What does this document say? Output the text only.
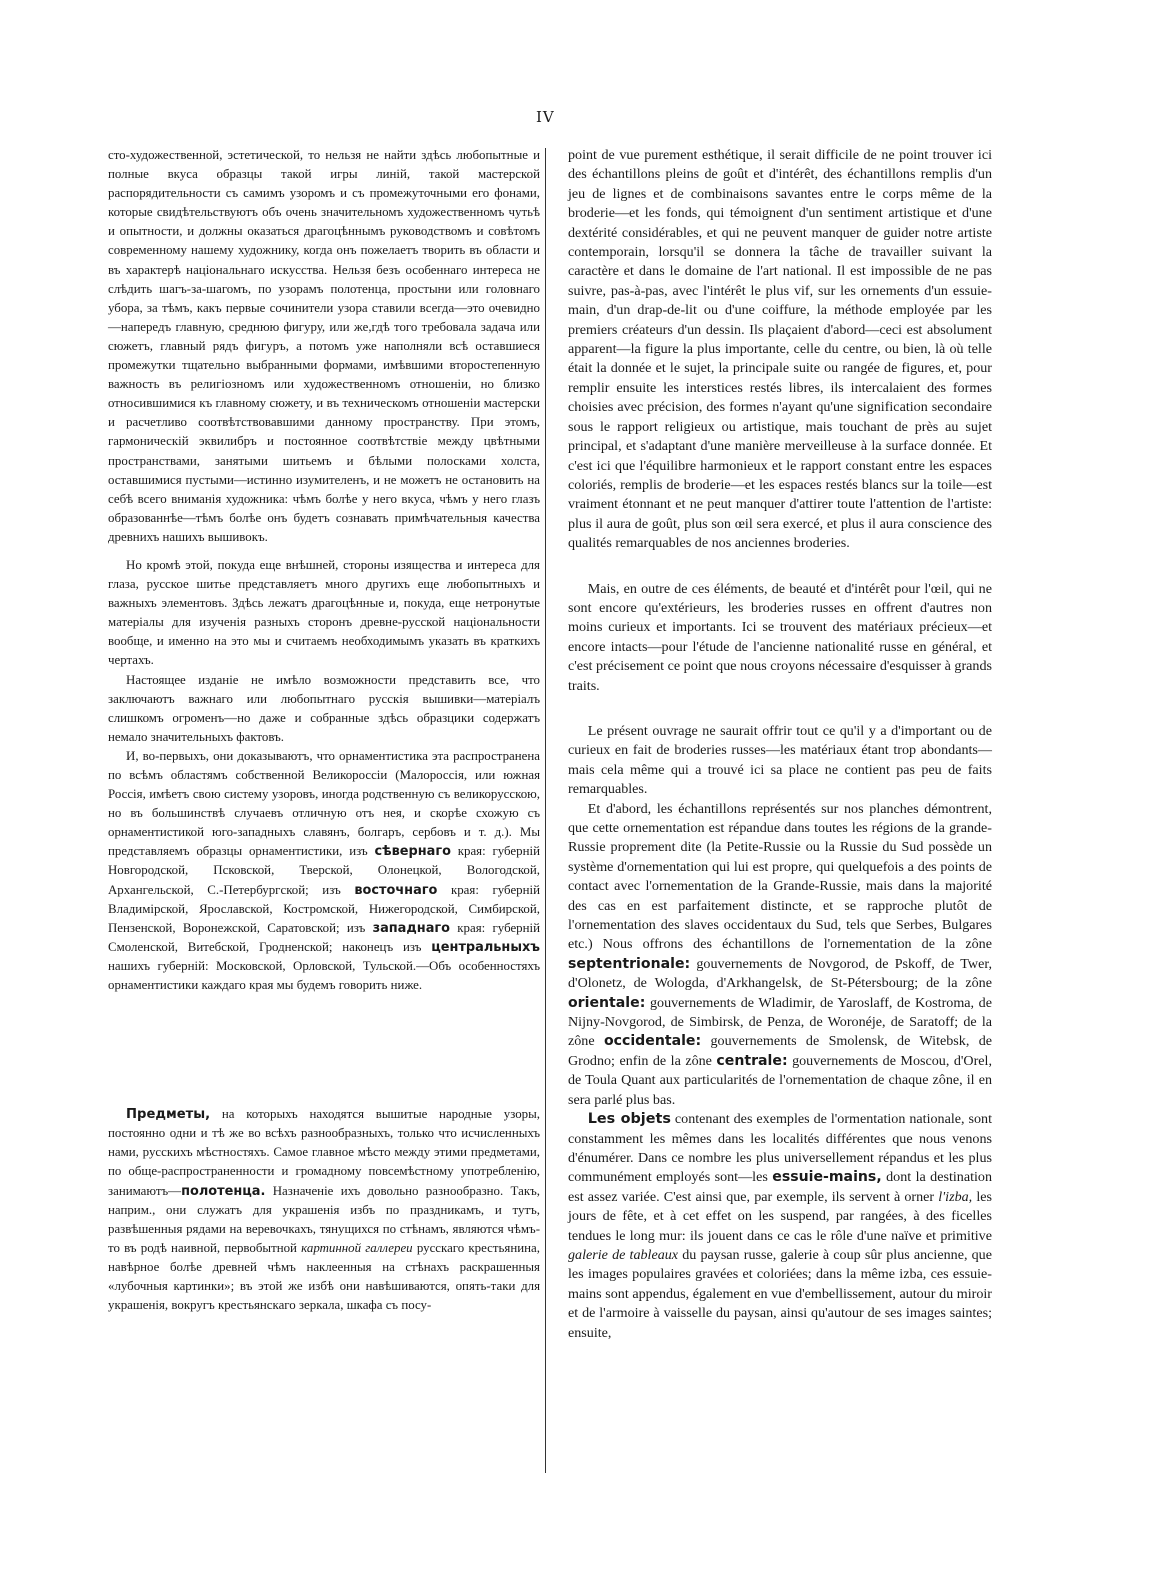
IV

сто-художественной, эстетической, то нельзя не найти здѣсь любопытные и полные вкуса образцы такой игры линій, такой мастерской распорядительности съ самимъ узоромъ и съ промежуточными его фонами, которые свидѣтельствуютъ объ очень значительномъ художественномъ чутьѣ и опытности, и должны оказаться драгоцѣннымъ руководствомъ и совѣтомъ современному нашему художнику, когда онъ пожелаетъ творить въ области и въ характерѣ національнаго искусства. Нельзя безъ особеннаго интереса не слѣдить шагъ-за-шагомъ, по узорамъ полотенца, простыни или головнаго убора, за тѣмъ, какъ первые сочинители узора ставили всегда—это очевидно—напередъ главную, среднюю фигуру, или же,гдѣ того требовала задача или сюжетъ, главный рядъ фигуръ, а потомъ уже наполняли всѣ оставшиеся промежутки тщательно выбранными формами, имѣвшими второстепенную важность въ религіозномъ или художественномъ отношеніи, но близко относившимися къ главному сюжету, и въ техническомъ отношеніи мастерски и расчетливо соотвѣтствовавшими данному пространству. При этомъ, гармоническій эквилибръ и постоянное соотвѣтствіе между цвѣтными пространствами, занятыми шитьемъ и бѣлыми полосками холста, оставшимися пустыми—истинно изумителенъ, и не можетъ не остановить на себѣ всего вниманія художника: чѣмъ болѣе у него вкуса, чѣмъ у него глазъ образованнѣе—тѣмъ болѣе онъ будетъ сознавать примѣчательныя качества древнихъ нашихъ вышивокъ.

Но кромѣ этой, покуда еще внѣшней, стороны изящества и интереса для глаза, русское шитье представляетъ много другихъ еще любопытныхъ и важныхъ элементовъ. Здѣсь лежатъ драгоцѣнные и, покуда, еще нетронутые матеріалы для изученія разныхъ сторонъ древне-русской національности вообще, и именно на это мы и считаемъ необходимымъ указать въ краткихъ чертахъ.

Настоящее изданіе не имѣло возможности представить все, что заключаютъ важнаго или любопытнаго русскія вышивки—матеріалъ слишкомъ огроменъ—но даже и собранные здѣсь образцики содержатъ немало значительныхъ фактовъ.

И, во-первыхъ, они доказываютъ, что орнаментистика эта распространена по всѣмъ областямъ собственной Великороссіи (Малороссія, или южная Россія, имѣетъ свою систему узоровъ, иногда родственную съ великорусскою, но въ большинствѣ случаевъ отличную отъ нея, и скорѣе схожую съ орнаментистикой юго-западныхъ славянъ, болгаръ, сербовъ и т. д.). Мы представляемъ образцы орнаментистики, изъ сѣвернаго края: губерній Новгородской, Псковской, Тверской, Олонецкой, Вологодской, Архангельской, С.-Петербургской; изъ восточнаго края: губерній Владимірской, Ярославской, Костромской, Нижегородской, Симбирской, Пензенской, Воронежской, Саратовской; изъ западнаго края: губерній Смоленской, Витебской, Гродненской; наконецъ изъ центральныхъ нашихъ губерній: Московской, Орловской, Тульской.—Объ особенностяхъ орнаментистики каждаго края мы будемъ говорить ниже.

Предметы, на которыхъ находятся вышитые народные узоры, постоянно одни и тѣ же во всѣхъ разнообразныхъ, только что исчисленныхъ нами, русскихъ мѣстностяхъ. Самое главное мѣсто между этими предметами, по обще-распространенности и громадному повсемѣстному употребленію, занимаютъ—полотенца. Назначеніе ихъ довольно разнообразно. Такъ, наприм., они служатъ для украшенія избъ по праздникамъ, и тутъ, развѣшенныя рядами на веревочкахъ, тянущихся по стѣнамъ, являются чѣмъ-то въ родѣ наивной, первобытной картинной галлереи русскаго крестьянина, навѣрное болѣе древней чѣмъ наклеенныя на стѣнахъ раскрашенныя «лубочныя картинки»; въ этой же избѣ они навѣшиваются, опять-таки для украшенія, вокругъ крестьянскаго зеркала, шкафа съ посу-

point de vue purement esthétique, il serait difficile de ne point trouver ici des échantillons pleins de goût et d'intérêt, des échantillons remplis d'un jeu de lignes et de combinaisons savantes entre le corps même de la broderie—et les fonds, qui témoignent d'un sentiment artistique et d'une dextérité considérables, et qui ne peuvent manquer de guider notre artiste contemporain, lorsqu'il se donnera la tâche de travailler suivant la caractère et dans le domaine de l'art national. Il est impossible de ne pas suivre, pas-à-pas, avec l'intérêt le plus vif, sur les ornements d'un essuie-main, d'un drap-de-lit ou d'une coiffure, la méthode employée par les premiers créateurs d'un dessin. Ils plaçaient d'abord—ceci est absolument apparent—la figure la plus importante, celle du centre, ou bien, là où telle était la donnée et le sujet, la principale suite ou rangée de figures, et, pour remplir ensuite les interstices restés libres, ils intercalaient des formes choisies avec précision, des formes n'ayant qu'une signification secondaire sous le rapport religieux ou artistique, mais touchant de près au sujet principal, et s'adaptant d'une manière merveilleuse à la surface donnée. Et c'est ici que l'équilibre harmonieux et le rapport constant entre les espaces coloriés, remplis de broderie—et les espaces restés blancs sur la toile—est vraiment étonnant et ne peut manquer d'attirer toute l'attention de l'artiste: plus il aura de goût, plus son œil sera exercé, et plus il aura conscience des qualités remarquables de nos anciennes broderies.

Mais, en outre de ces éléments, de beauté et d'intérêt pour l'œil, qui ne sont encore qu'extérieurs, les broderies russes en offrent d'autres non moins curieux et importants. Ici se trouvent des matériaux précieux—et encore intacts—pour l'étude de l'ancienne nationalité russe en général, et c'est précisement ce point que nous croyons nécessaire d'esquisser à grands traits.

Le présent ouvrage ne saurait offrir tout ce qu'il y a d'important ou de curieux en fait de broderies russes—les matériaux étant trop abondants—mais cela même qui a trouvé ici sa place ne contient pas peu de faits remarquables.

Et d'abord, les échantillons représentés sur nos planches démontrent, que cette ornementation est répandue dans toutes les régions de la grande-Russie proprement dite (la Petite-Russie ou la Russie du Sud possède un système d'ornementation qui lui est propre, qui quelquefois a des points de contact avec l'ornementation de la Grande-Russie, mais dans la majorité des cas en est parfaitement distincte, et se rapproche plutôt de l'ornementation des slaves occidentaux du Sud, tels que Serbes, Bulgares etc.) Nous offrons des échantillons de l'ornementation de la zône septentrionale: gouvernements de Novgorod, de Pskoff, de Twer, d'Olonetz, de Wologda, d'Arkhangelsk, de St-Pétersbourg; de la zône orientale: gouvernements de Wladimir, de Yaroslaff, de Kostroma, de Nijny-Novgorod, de Simbirsk, de Penza, de Woronéje, de Saratoff; de la zône occidentale: gouvernements de Smolensk, de Witebsk, de Grodno; enfin de la zône centrale: gouvernements de Moscou, d'Orel, de Toula Quant aux particularités de l'ornementation de chaque zône, il en sera parlé plus bas.

Les objets contenant des exemples de l'ormentation nationale, sont constamment les mêmes dans les localités différentes que nous venons d'énumérer. Dans ce nombre les plus universellement répandus et les plus communément employés sont—les essuie-mains, dont la destination est assez variée. C'est ainsi que, par exemple, ils servent à orner l'izba, les jours de fête, et à cet effet on les suspend, par rangées, à des ficelles tendues le long mur: ils jouent dans ce cas le rôle d'une naïve et primitive galerie de tableaux du paysan russe, galerie à coup sûr plus ancienne, que les images populaires gravées et coloriées; dans la même izba, ces essuie-mains sont appendus, également en vue d'embellissement, autour du miroir et de l'armoire à vaisselle du paysan, ainsi qu'autour de ses images saintes; ensuite,
